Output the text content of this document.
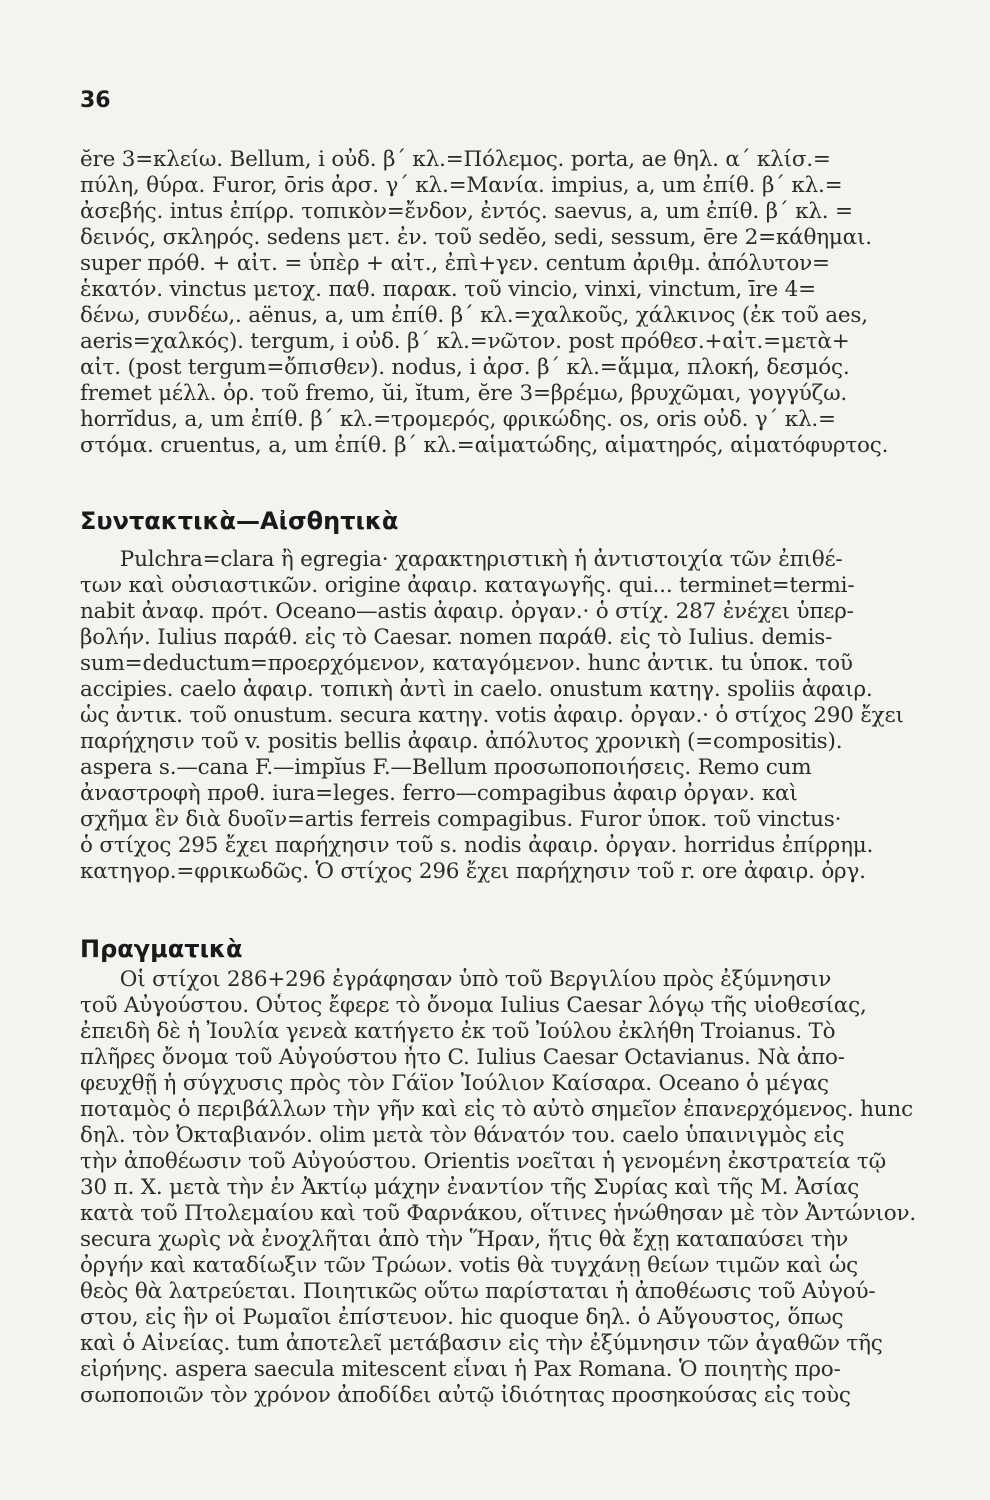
36
ĕre 3=κλείω. Bellum, i οὐδ. β΄ κλ.=Πόλεμος. porta, ae θηλ. α΄ κλίσ.=
πύλη, θύρα. Furor, ōris ἀρσ. γ΄ κλ.=Μανία. impius, a, um ἐπίθ. β΄ κλ.=
ἀσεβής. intus ἐπίρρ. τοπικὸν=ἔνδον, ἐντός. saevus, a, um ἐπίθ. β΄ κλ. =
δεινός, σκληρός. sedens μετ. ἐν. τοῦ sedĕo, sedi, sessum, ēre 2=κάθημαι.
super πρόθ. + αἰτ. = ὑπὲρ + αἰτ., ἐπὶ+γεν. centum ἀριθμ. ἀπόλυτον=
ἑκατόν. vinctus μετοχ. παθ. παρακ. τοῦ vincio, vinxi, vinctum, īre 4=
δένω, συνδέω,. aënus, a, um ἐπίθ. β΄ κλ.=χαλκοῦς, χάλκινος (ἐκ τοῦ aes,
aeris=χαλκός). tergum, i οὐδ. β΄ κλ.=νῶτον. post πρόθεσ.+αἰτ.=μετὰ+
αἰτ. (post tergum=ὄπισθεν). nodus, i ἀρσ. β΄ κλ.=ἅμμα, πλοκή, δεσμός.
fremet μέλλ. ὁρ. τοῦ fremo, ŭi, ĭtum, ĕre 3=βρέμω, βρυχῶμαι, γογγύζω.
horrĭdus, a, um ἐπίθ. β΄ κλ.=τρομερός, φρικώδης. os, oris οὐδ. γ΄ κλ.=
στόμα. cruentus, a, um ἐπίθ. β΄ κλ.=αἱματώδης, αἱματηρός, αἱματόφυρτος.
Συντακτικὰ—Αἰσθητικὰ
Pulchra=clara ἢ egregia· χαρακτηριστικὴ ἡ ἀντιστοιχία τῶν ἐπιθέ-
των καὶ οὐσιαστικῶν. origine ἀφαιρ. καταγωγῆς. qui... terminet=termi-
nabit ἀναφ. πρότ. Oceano—astis ἀφαιρ. ὀργαν.· ὁ στίχ. 287 ἐνέχει ὑπερ-
βολήν. Iulius παράθ. εἰς τὸ Caesar. nomen παράθ. εἰς τὸ Iulius. demis-
sum=deductum=προερχόμενον, καταγόμενον. hunc ἀντικ. tu ὑποκ. τοῦ
accipies. caelo ἀφαιρ. τοπικὴ ἀντὶ in caelo. onustum κατηγ. spoliis ἀφαιρ.
ὡς ἀντικ. τοῦ onustum. secura κατηγ. votis ἀφαιρ. ὀργαν.· ὁ στίχος 290 ἔχει
παρήχησιν τοῦ v. positis bellis ἀφαιρ. ἀπόλυτος χρονικὴ (=compositis).
aspera s.—cana F.—impĭus F.—Bellum προσωποποιήσεις. Remo cum
ἀναστροφὴ προθ. iura=leges. ferro—compagibus ἀφαιρ ὀργαν. καὶ
σχῆμα ἓν διὰ δυοῖν=artis ferreis compagibus. Furor ὑποκ. τοῦ vinctus·
ὁ στίχος 295 ἔχει παρήχησιν τοῦ s. nodis ἀφαιρ. ὀργαν. horridus ἐπίρρημ.
κατηγορ.=φρικωδῶς. Ὁ στίχος 296 ἔχει παρήχησιν τοῦ r. ore ἀφαιρ. ὀργ.
Πραγματικὰ
Οἱ στίχοι 286+296 ἐγράφησαν ὑπὸ τοῦ Βεργιλίου πρὸς ἐξύμνησιν
τοῦ Αὐγούστου. Οὗτος ἔφερε τὸ ὄνομα Iulius Caesar λόγῳ τῆς υἱοθεσίας,
ἐπειδὴ δὲ ἡ Ἰουλία γενεὰ κατήγετο ἐκ τοῦ Ἰούλου ἐκλήθη Troianus. Τὸ
πλῆρες ὄνομα τοῦ Αὐγούστου ἦτο C. Iulius Caesar Octavianus. Νὰ ἀπο-
φευχθῇ ἡ σύγχυσις πρὸς τὸν Γάϊον Ἰούλιον Καίσαρα. Oceano ὁ μέγας
ποταμὸς ὁ περιβάλλων τὴν γῆν καὶ εἰς τὸ αὐτὸ σημεῖον ἐπανερχόμενος. hunc
δηλ. τὸν Ὀκταβιανόν. olim μετὰ τὸν θάνατόν του. caelo ὑπαινιγμὸς εἰς
τὴν ἀποθέωσιν τοῦ Αὐγούστου. Orientis νοεῖται ἡ γενομένη ἐκστρατεία τῷ
30 π. Χ. μετὰ τὴν ἐν Ἀκτίῳ μάχην ἐναντίον τῆς Συρίας καὶ τῆς Μ. Ἀσίας
κατὰ τοῦ Πτολεμαίου καὶ τοῦ Φαρνάκου, οἵτινες ἡνώθησαν μὲ τὸν Ἀντώνιον.
secura χωρὶς νὰ ἐνοχλῆται ἀπὸ τὴν Ἥραν, ἥτις θὰ ἔχῃ καταπαύσει τὴν
ὀργήν καὶ καταδίωξιν τῶν Τρώων. votis θὰ τυγχάνῃ θείων τιμῶν καὶ ὡς
θεὸς θὰ λατρεύεται. Ποιητικῶς οὕτω παρίσταται ἡ ἀποθέωσις τοῦ Αὐγού-
στου, εἰς ἣν οἱ Ρωμαῖοι ἐπίστευον. hic quoque δηλ. ὁ Αὔγουστος, ὅπως
καὶ ὁ Αἰνείας. tum ἀποτελεῖ μετάβασιν εἰς τὴν ἐξύμνησιν τῶν ἀγαθῶν τῆς
εἰρήνης. aspera saecula mitescent εἶναι ἡ Pax Romana. Ὁ ποιητὴς προ-
σωποποιῶν τὸν χρόνον ἀποδίδει αὐτῷ ἰδιότητας προσηκούσας εἰς τοὺς
